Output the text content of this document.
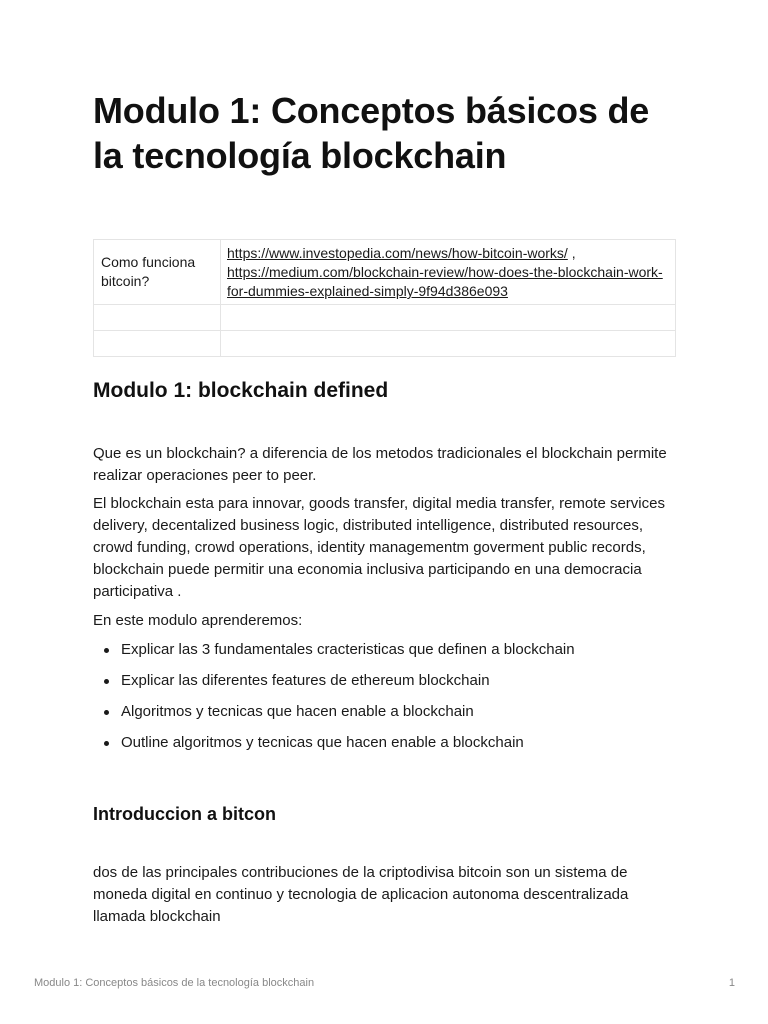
Modulo 1: Conceptos básicos de la tecnología blockchain
Como funciona bitcoin?	https://www.investopedia.com/news/how-bitcoin-works/ ,
https://medium.com/blockchain-review/how-does-the-blockchain-work-for-dummies-explained-simply-9f94d386e093

Modulo 1: blockchain defined

Que es un blockchain? a diferencia de los metodos tradicionales el blockchain permite realizar operaciones peer to peer.

El blockchain esta para innovar, goods transfer, digital media transfer, remote services delivery, decentalized business logic, distributed intelligence, distributed resources, crowd funding, crowd operations, identity managementm goverment public records, blockchain puede permitir una economia inclusiva participando en una democracia participativa .

En este modulo aprenderemos:

Explicar las 3 fundamentales cracteristicas que definen a blockchain
Explicar las diferentes features de ethereum blockchain
Algoritmos y tecnicas que hacen enable a blockchain
Outline algoritmos y tecnicas que hacen enable a blockchain
Introduccion a bitcon

dos de las principales contribuciones de la criptodivisa bitcoin son un sistema de moneda digital en continuo y tecnologia de aplicacion autonoma descentralizada llamada blockchain

Modulo 1: Conceptos básicos de la tecnología blockchain	1
